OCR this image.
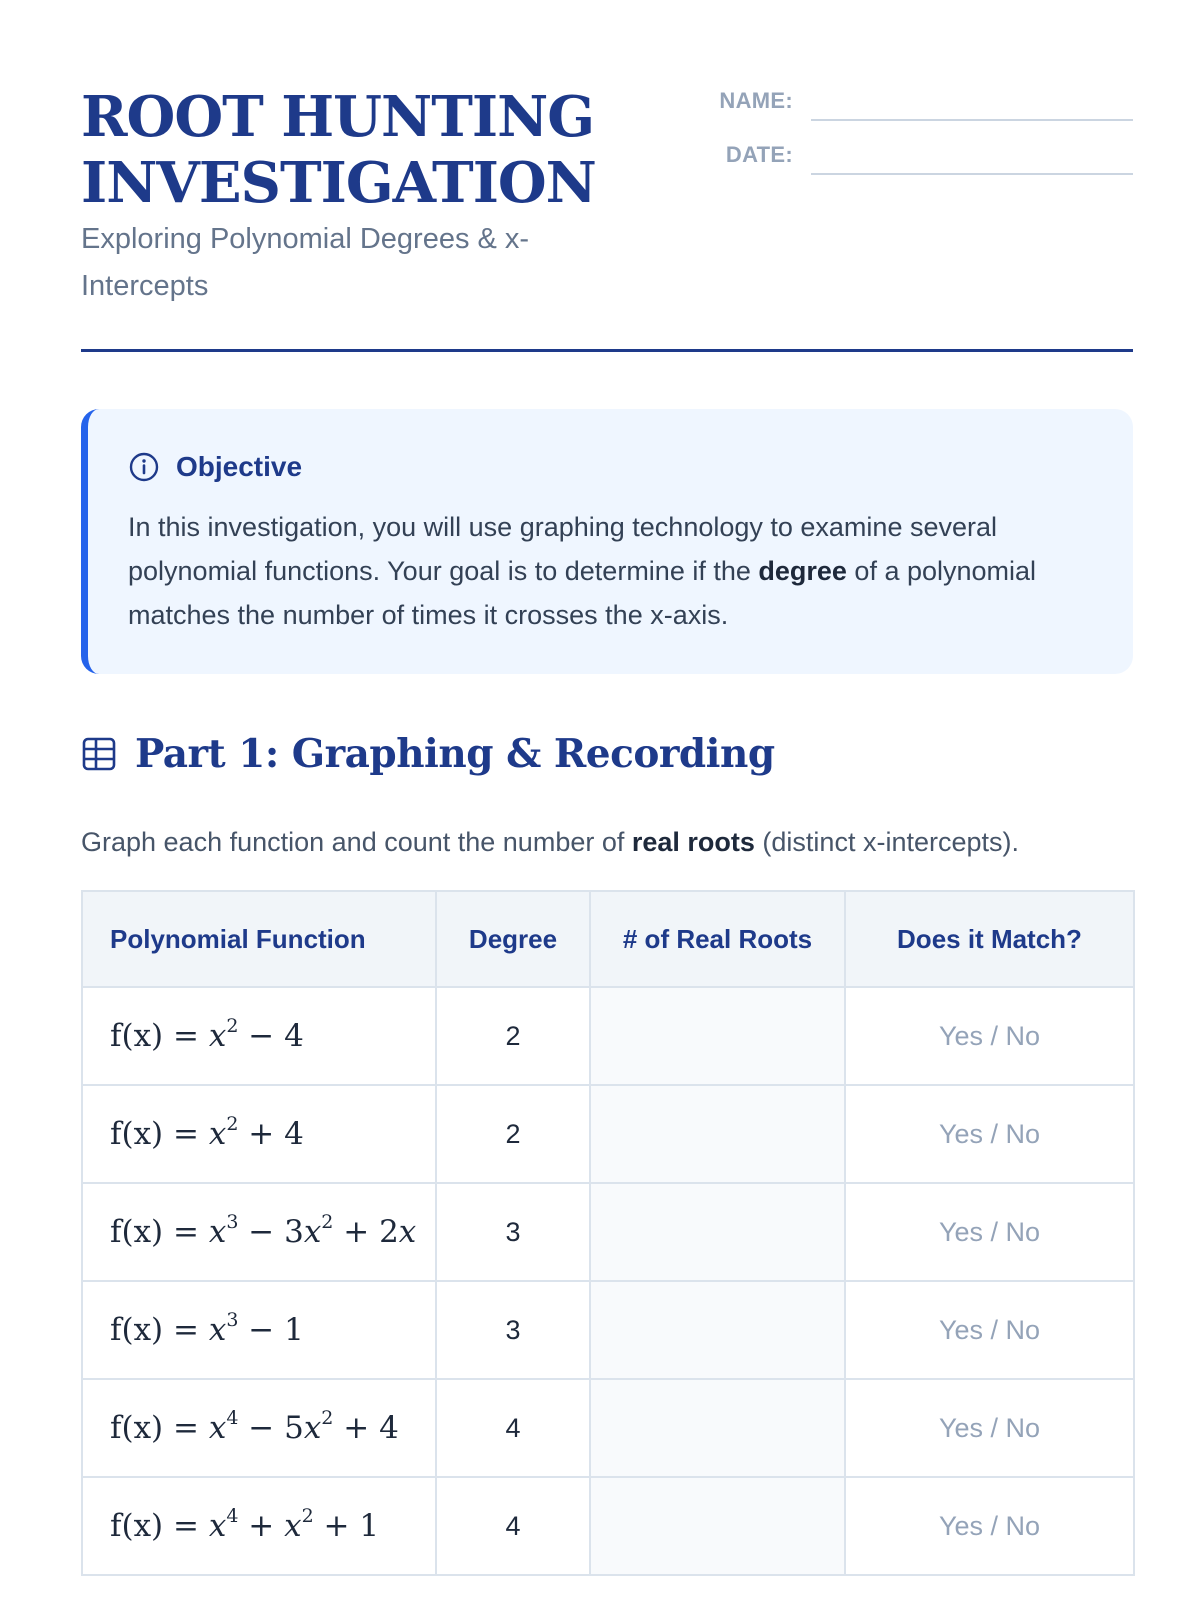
ROOT HUNTING
INVESTIGATION

Exploring Polynomial Degrees & x-Intercepts

NAME:
DATE:
Objective
In this investigation, you will use graphing technology to examine several polynomial functions. Your goal is to determine if the degree of a polynomial matches the number of times it crosses the x-axis.
Part 1: Graphing & Recording
Graph each function and count the number of real roots (distinct x-intercepts).
Polynomial Function	Degree	# of Real Roots	Does it Match?
$f(x) = x^2 - 4$	2		Yes / No
$f(x) = x^2 + 4$	2		Yes / No
$f(x) = x^3 - 3x^2 + 2x$	3		Yes / No
$f(x) = x^3 - 1$	3		Yes / No
$f(x) = x^4 - 5x^2 + 4$	4		Yes / No
$f(x) = x^4 + x^2 + 1$	4		Yes / No
